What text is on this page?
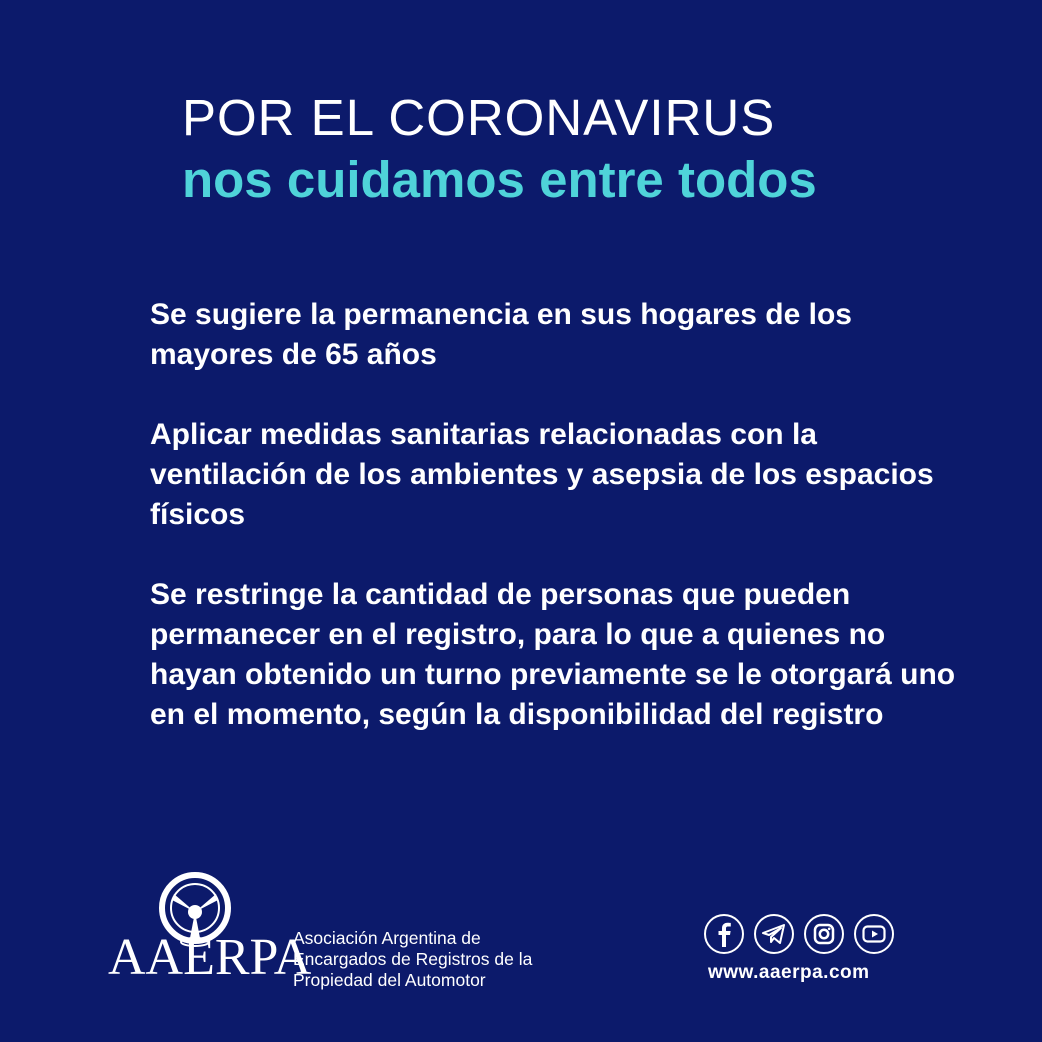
POR EL CORONAVIRUS
nos cuidamos entre todos

Se sugiere la permanencia en sus hogares de los mayores de 65 años

Aplicar medidas sanitarias relacionadas con la ventilación de los ambientes y asepsia de los espacios físicos

Se restringe la cantidad de personas que pueden permanecer en el registro, para lo que a quienes no hayan obtenido un turno previamente se le otorgará uno en el momento, según la disponibilidad del registro

AAERPA
Asociación Argentina de
Encargados de Registros de la
Propiedad del Automotor	www.aaerpa.com
